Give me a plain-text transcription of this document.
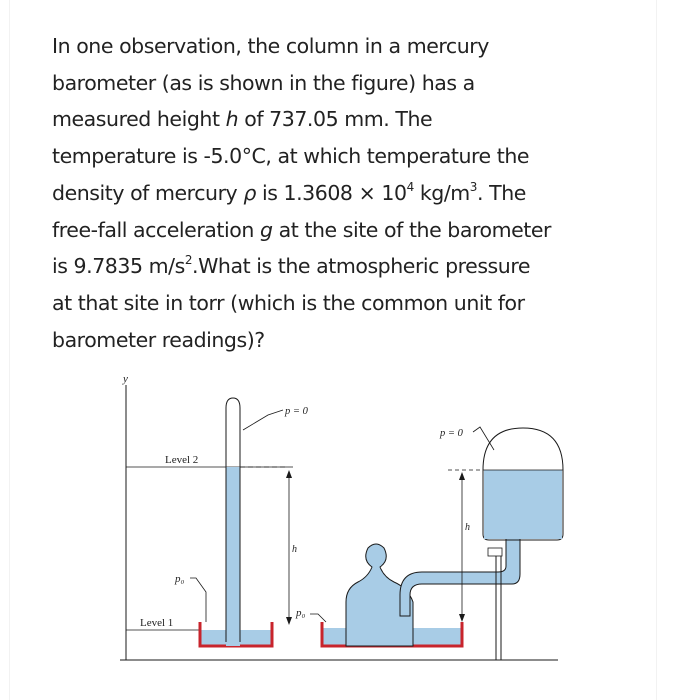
In one observation, the column in a mercury
barometer (as is shown in the figure) has a
measured height h of 737.05 mm. The
temperature is -5.0°C, at which temperature the
density of mercury ρ is $1.3608 \times 10^4$ $kg/m^3$. The
free-fall acceleration g at the site of the barometer
is 9.7835 $m/s^2.What$ is the atmospheric pressure
at that site in torr (which is the common unit for
barometer readings)?

y
Level 2
Level 1
p₀
p = 0
h
p₀
p = 0
h
